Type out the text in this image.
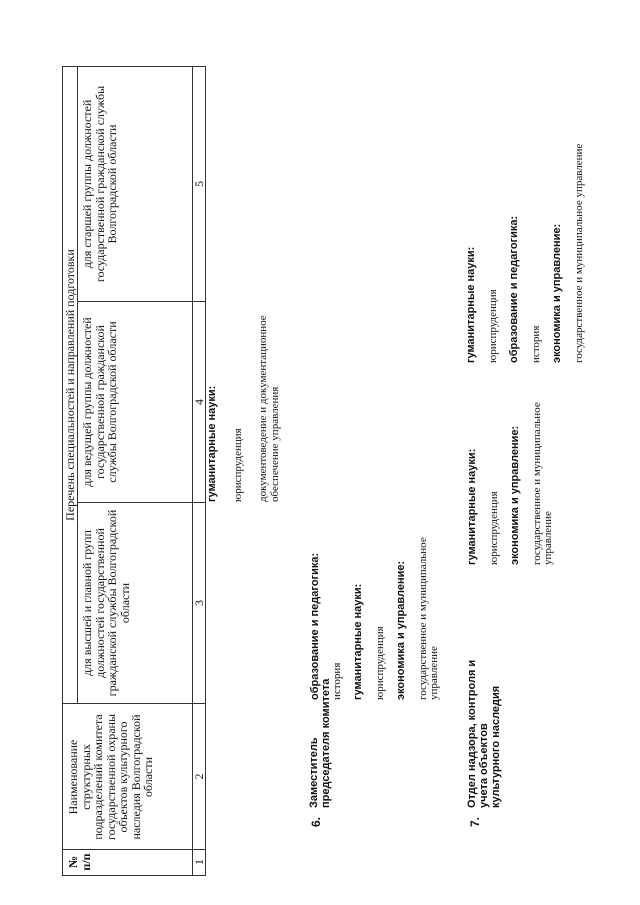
№ п/п
Наименование структурных подразделений комитета государственной охраны объектов культурного наследия Волгоградской области
Перечень специальностей и направлений подготовки
для высшей и главной групп должностей государственной гражданской службы Волгоградской области
для ведущей группы должностей государственной гражданской службы Волгоградской области
для старшей группы должностей государственной гражданской службы Волгоградской области
1
2
3
4
5
гуманитарные науки: юриспруденция документоведение и документационное обеспечение управления
6.
Заместитель председателя комитета
образование и педагогика: история гуманитарные науки: юриспруденция экономика и управление: государственное и муниципальное управление
7.
Отдел надзора, контроля и учета объектов культурного наследия
гуманитарные науки: юриспруденция экономика и управление: государственное и муниципальное управление
гуманитарные науки: юриспруденция образование и педагогика: история экономика и управление: государственное и муниципальное управление
